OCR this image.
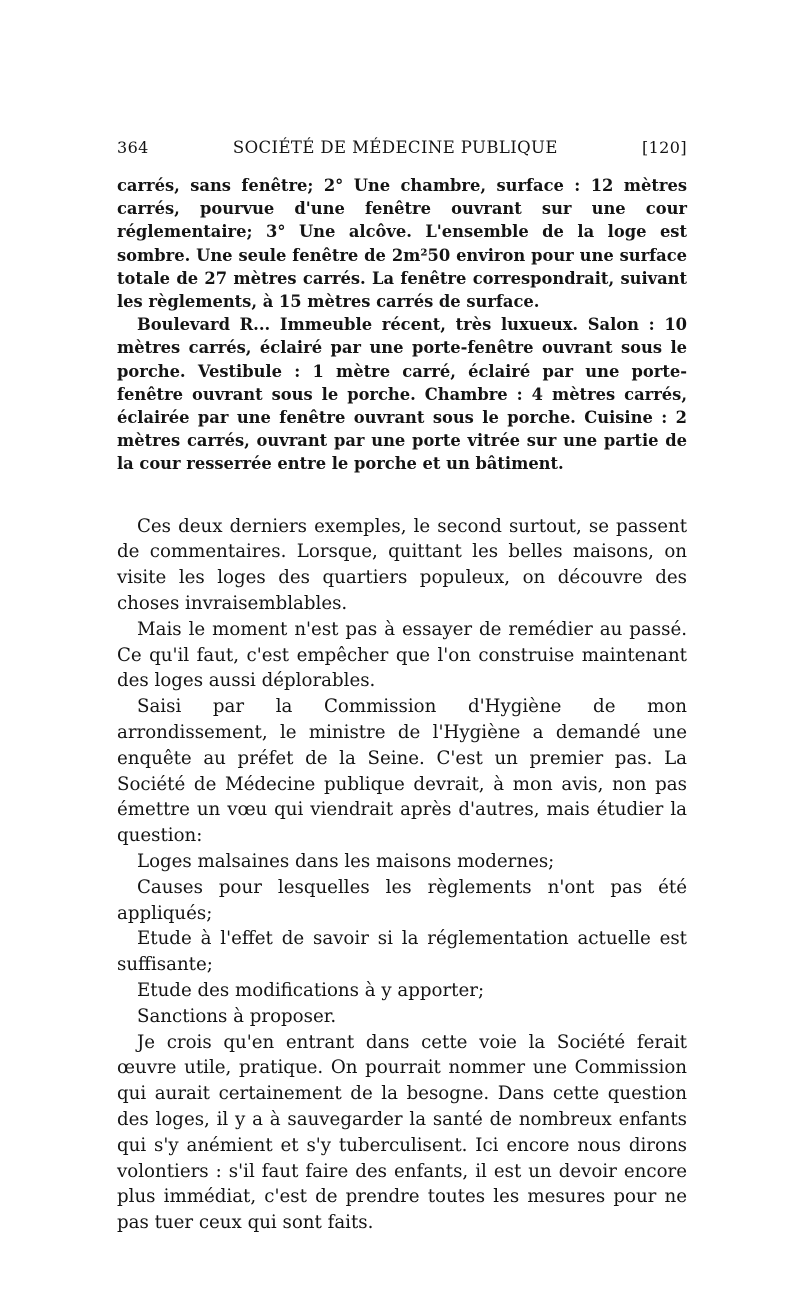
364	SOCIÉTÉ DE MÉDECINE PUBLIQUE	[120]

carrés, sans fenêtre; 2° Une chambre, surface : 12 mètres carrés, pourvue d'une fenêtre ouvrant sur une cour réglementaire; 3° Une alcôve. L'ensemble de la loge est sombre. Une seule fenêtre de 2m²50 environ pour une surface totale de 27 mètres carrés. La fenêtre correspondrait, suivant les règlements, à 15 mètres carrés de surface.

Boulevard R... Immeuble récent, très luxueux. Salon : 10 mètres carrés, éclairé par une porte-fenêtre ouvrant sous le porche. Vestibule : 1 mètre carré, éclairé par une porte-fenêtre ouvrant sous le porche. Chambre : 4 mètres carrés, éclairée par une fenêtre ouvrant sous le porche. Cuisine : 2 mètres carrés, ouvrant par une porte vitrée sur une partie de la cour resserrée entre le porche et un bâtiment.

Ces deux derniers exemples, le second surtout, se passent de commentaires. Lorsque, quittant les belles maisons, on visite les loges des quartiers populeux, on découvre des choses invraisemblables.

Mais le moment n'est pas à essayer de remédier au passé. Ce qu'il faut, c'est empêcher que l'on construise maintenant des loges aussi déplorables.

Saisi par la Commission d'Hygiène de mon arrondissement, le ministre de l'Hygiène a demandé une enquête au préfet de la Seine. C'est un premier pas. La Société de Médecine publique devrait, à mon avis, non pas émettre un vœu qui viendrait après d'autres, mais étudier la question:

Loges malsaines dans les maisons modernes;

Causes pour lesquelles les règlements n'ont pas été appliqués;

Etude à l'effet de savoir si la réglementation actuelle est suffisante;

Etude des modifications à y apporter;

Sanctions à proposer.

Je crois qu'en entrant dans cette voie la Société ferait œuvre utile, pratique. On pourrait nommer une Commission qui aurait certainement de la besogne. Dans cette question des loges, il y a à sauvegarder la santé de nombreux enfants qui s'y anémient et s'y tuberculisent. Ici encore nous dirons volontiers : s'il faut faire des enfants, il est un devoir encore plus immédiat, c'est de prendre toutes les mesures pour ne pas tuer ceux qui sont faits.
